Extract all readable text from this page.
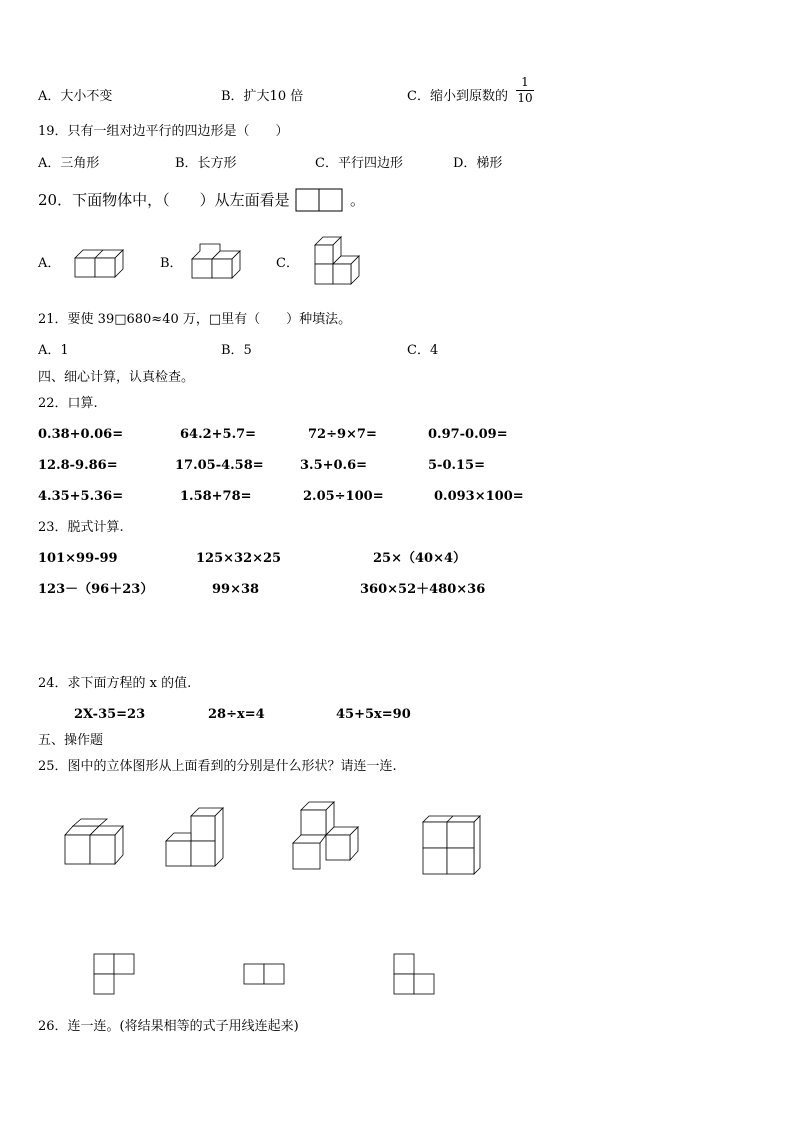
A．大小不变	B．扩大10 倍	C．缩小到原数的
1
10
19．只有一组对边平行的四边形是（　　）
A．三角形	B．长方形	C．平行四边形	D．梯形
20．下面物体中，（　　）从左面看是	。
A．	B．	C．
21．要使 39□680≈40 万，□里有（　　）种填法。
A．1	B．5	C．4
四、细心计算，认真检查。
22．口算.
0.38+0.06=	64.2+5.7=	72÷9×7=	0.97-0.09=
12.8-9.86=	17.05-4.58=	3.5+0.6=	5-0.15=
4.35+5.36=	1.58+78=	2.05÷100=	0.093×100=
23．脱式计算.
101×99-99	125×32×25	25×（40×4）
123－（96＋23）	99×38	360×52＋480×36
24．求下面方程的 x 的值.
2X-35=23	28÷x=4	45+5x=90
五、操作题
25．图中的立体图形从上面看到的分别是什么形状？请连一连.
26．连一连。(将结果相等的式子用线连起来)
